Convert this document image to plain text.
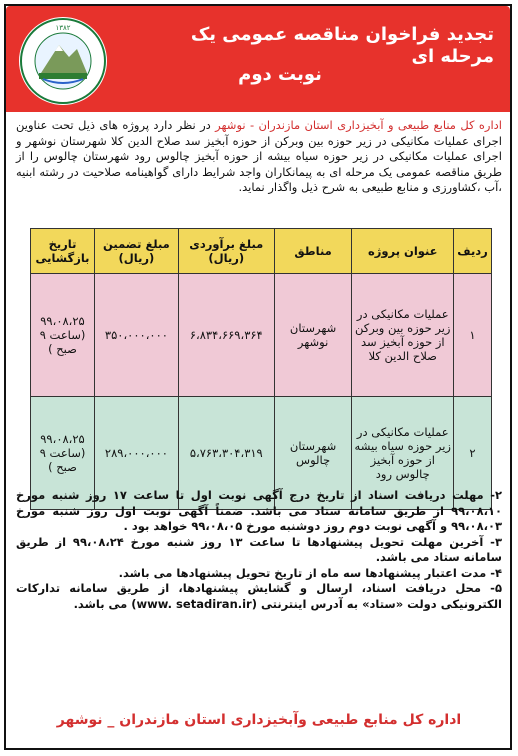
تجدید فراخوان مناقصه عمومی یک مرحله ای
نوبت دوم
۱۳۸۲
اداره کل منابع طبیعی و آبخیزداری استان مازندران - نوشهر در نظر دارد پروژه های ذیل تحت عناوین اجرای عملیات مکانیکی در زیر حوزه بین وبرکن از حوزه آبخیز سد صلاح الدین کلا شهرستان نوشهر و اجرای عملیات مکانیکی در زیر حوزه سیاه بیشه از حوزه آبخیز چالوس رود شهرستان چالوس را از طریق مناقصه عمومی یک مرحله ای به پیمانکاران واجد شرایط دارای گواهینامه صلاحیت در رشته ابنیه ،آب ،کشاورزی و منابع طبیعی به شرح ذیل واگذار نماید.
ردیف	عنوان پروژه	مناطق	مبلغ برآوردی (ریال)	مبلغ تضمین (ریال)	تاریخ بازگشایی
۱	عملیات مکانیکی در زیر حوزه بین وبرکن از حوزه آبخیز سد صلاح الدین کلا	شهرستان نوشهر	۶،۸۳۴،۶۶۹،۳۶۴	۳۵۰،۰۰۰،۰۰۰	۹۹،۰۸،۲۵ (ساعت ۹ صبح )
۲	عملیات مکانیکی در زیر حوزه سیاه بیشه از حوزه آبخیز چالوس رود	شهرستان چالوس	۵،۷۶۳،۳۰۴،۳۱۹	۲۸۹،۰۰۰،۰۰۰	۹۹،۰۸،۲۵ (ساعت ۹ صبح )

۲- مهلت دریافت اسناد از تاریخ درج آگهی نوبت اول تا ساعت ۱۷ روز شنبه مورخ ۹۹،۰۸،۱۰ از طریق سامانه ستاد می باشد. ضمناً آگهی نوبت اول روز شنبه مورخ ۹۹،۰۸،۰۳ و آگهی نوبت دوم روز دوشنبه مورخ ۹۹،۰۸،۰۵ خواهد بود .

۳- آخرین مهلت تحویل پیشنهادها تا ساعت ۱۳ روز شنبه مورخ ۹۹،۰۸،۲۴ از طریق سامانه ستاد می باشد.

۴- مدت اعتبار پیشنهادها سه ماه از تاریخ تحویل پیشنهادها می باشد.

۵- محل دریافت اسناد، ارسال و گشایش پیشنهادها، از طریق سامانه تدارکات الکترونیکی دولت «ستاد» به آدرس اینترنتی (www. setadiran.ir) می باشد.

اداره کل منابع طبیعی وآبخیزداری استان مازندران _ نوشهر
